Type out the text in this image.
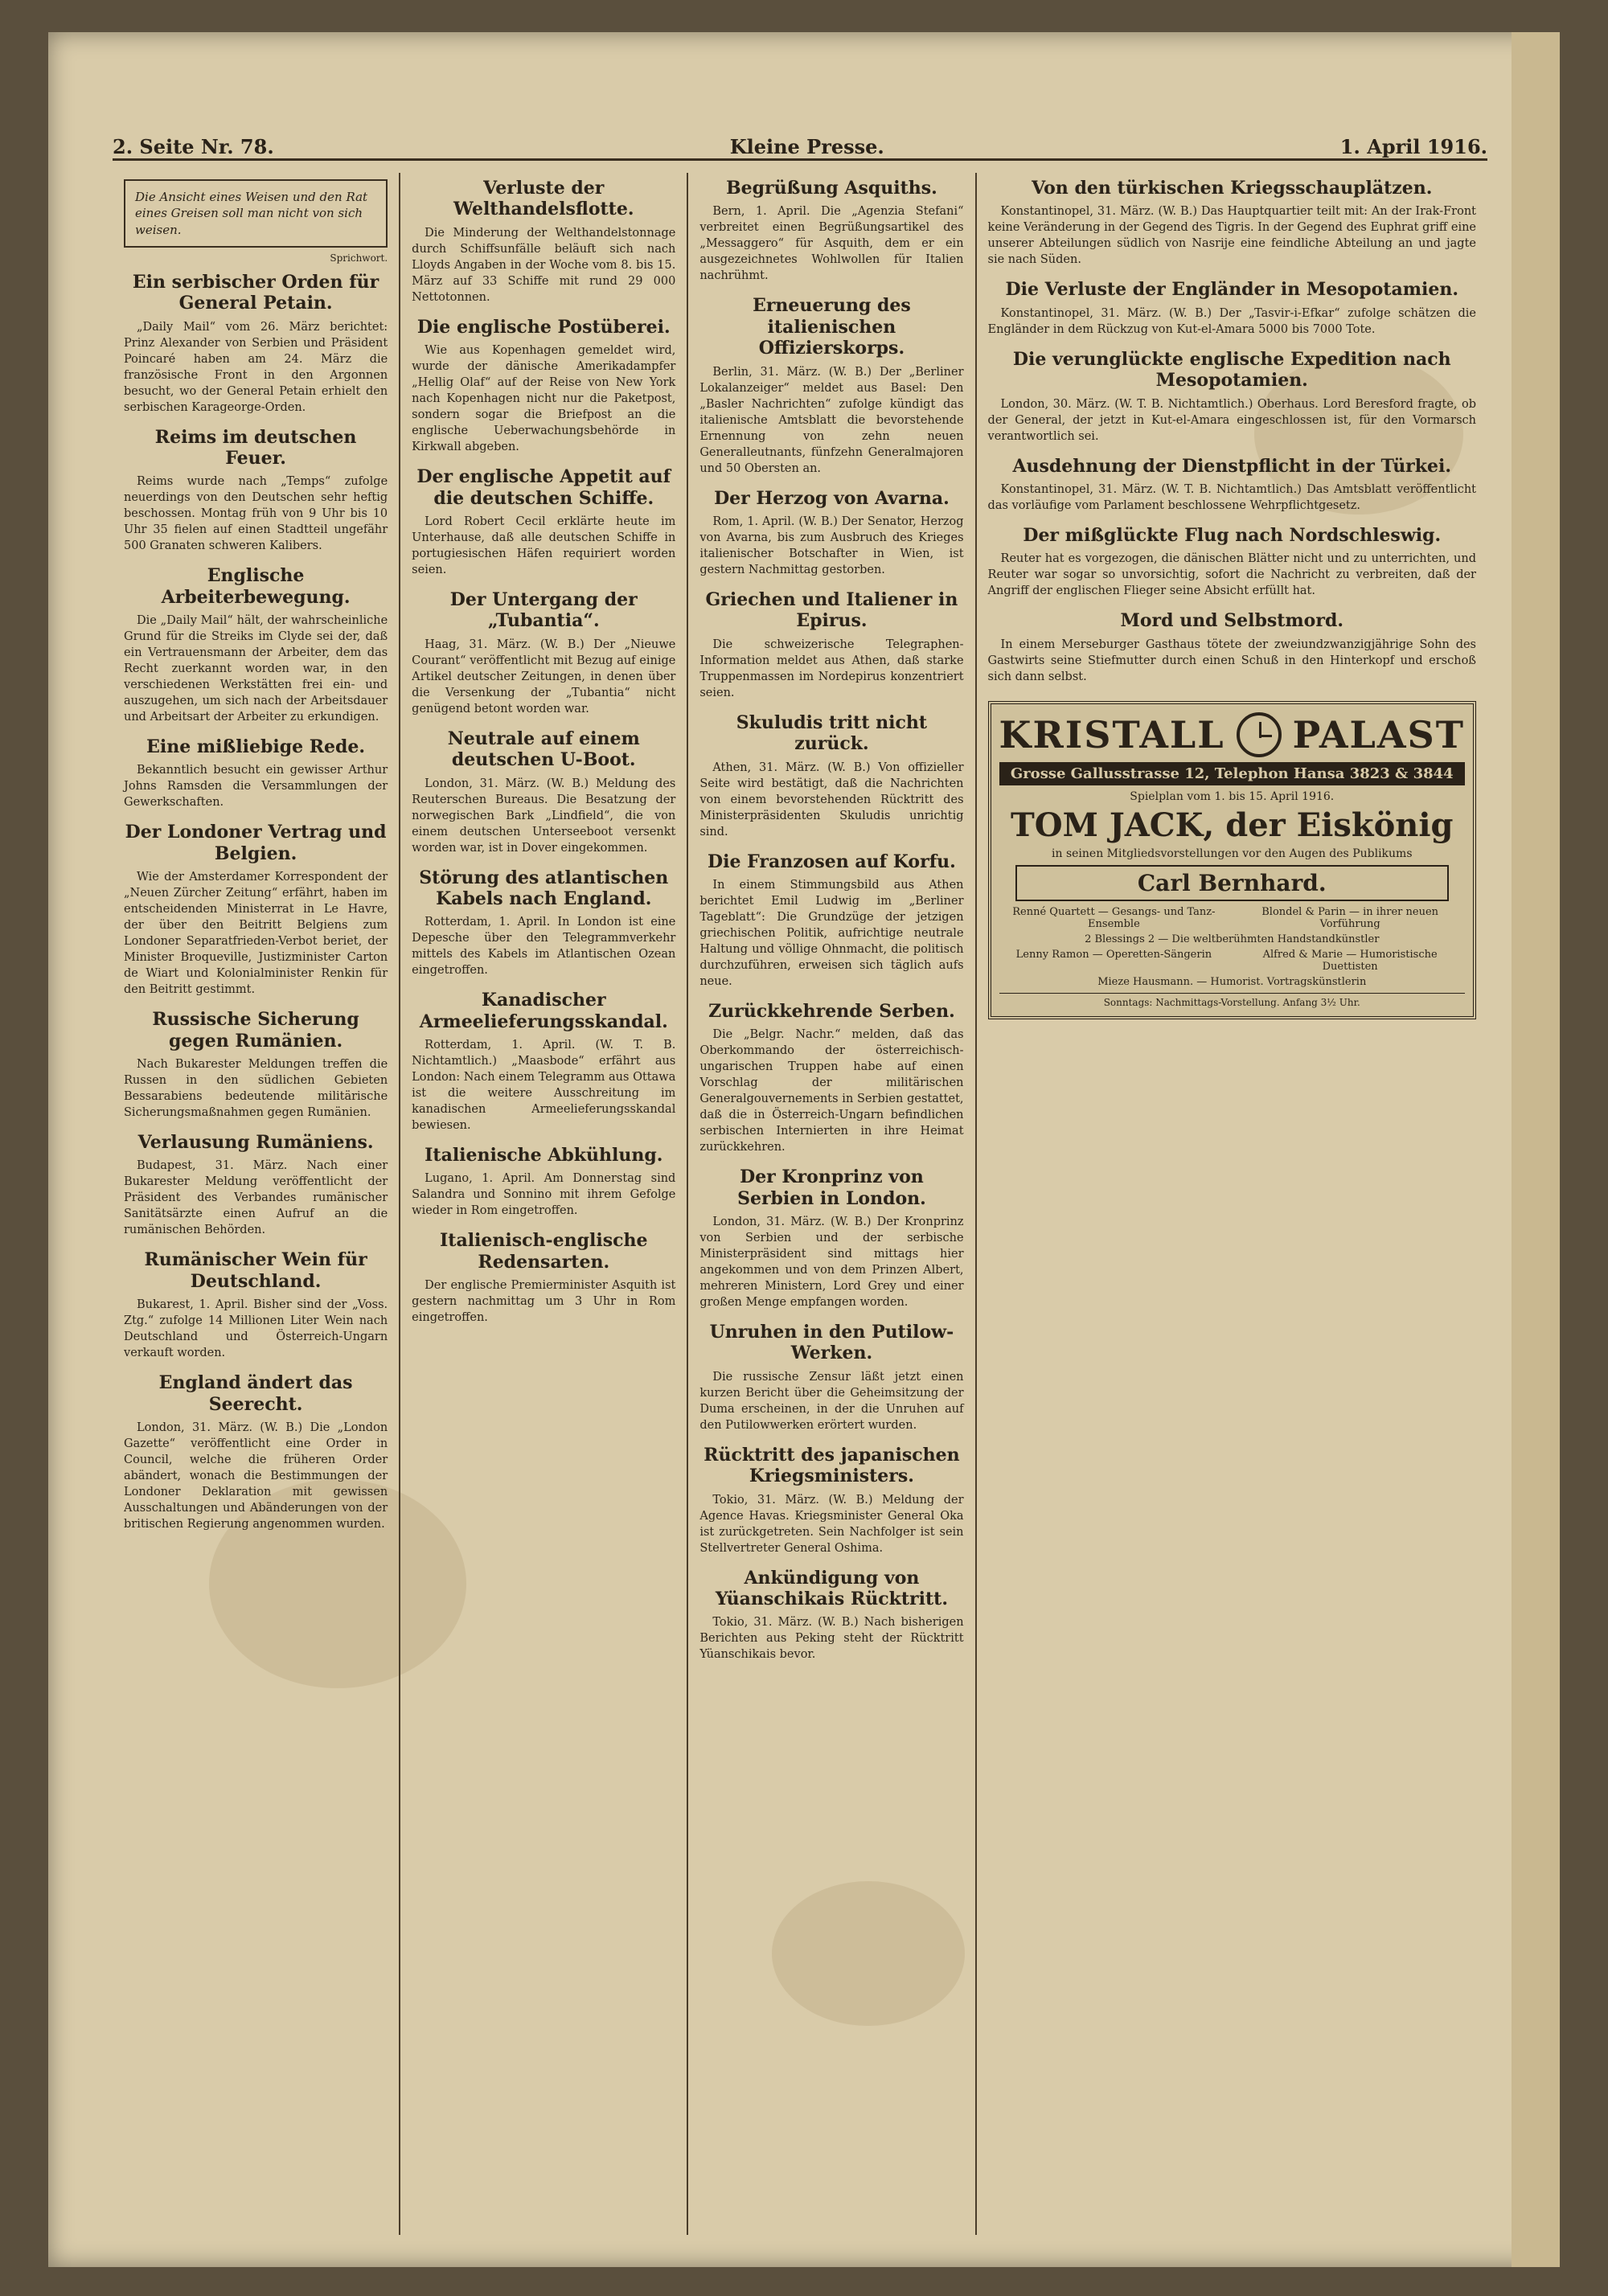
2. Seite Nr. 78.	Kleine Presse.	1. April 1916.
Die Ansicht eines Weisen und den Rat eines Greisen soll man nicht von sich weisen.
Sprichwort.
Ein serbischer Orden für General Petain.

„Daily Mail“ vom 26. März berichtet: Prinz Alexander von Serbien und Präsident Poincaré haben am 24. März die französische Front in den Argonnen besucht, wo der General Petain erhielt den serbischen Karageorge-Orden.

Reims im deutschen Feuer.

Reims wurde nach „Temps“ zufolge neuerdings von den Deutschen sehr heftig beschossen. Montag früh von 9 Uhr bis 10 Uhr 35 fielen auf einen Stadtteil ungefähr 500 Granaten schweren Kalibers.

Englische Arbeiterbewegung.

Die „Daily Mail“ hält, der wahrscheinliche Grund für die Streiks im Clyde sei der, daß ein Vertrauensmann der Arbeiter, dem das Recht zuerkannt worden war, in den verschiedenen Werkstätten frei ein- und auszugehen, um sich nach der Arbeitsdauer und Arbeitsart der Arbeiter zu erkundigen.

Eine mißliebige Rede.

Bekanntlich besucht ein gewisser Arthur Johns Ramsden die Versammlungen der Gewerkschaften.

Der Londoner Vertrag und Belgien.

Wie der Amsterdamer Korrespondent der „Neuen Zürcher Zeitung“ erfährt, haben im entscheidenden Ministerrat in Le Havre, der über den Beitritt Belgiens zum Londoner Separatfrieden-Verbot beriet, der Minister Broqueville, Justizminister Carton de Wiart und Kolonialminister Renkin für den Beitritt gestimmt.

Russische Sicherung gegen Rumänien.

Nach Bukarester Meldungen treffen die Russen in den südlichen Gebieten Bessarabiens bedeutende militärische Sicherungsmaßnahmen gegen Rumänien.

Verlausung Rumäniens.

Budapest, 31. März. Nach einer Bukarester Meldung veröffentlicht der Präsident des Verbandes rumänischer Sanitätsärzte einen Aufruf an die rumänischen Behörden.

Rumänischer Wein für Deutschland.

Bukarest, 1. April. Bisher sind der „Voss. Ztg.“ zufolge 14 Millionen Liter Wein nach Deutschland und Österreich-Ungarn verkauft worden.

England ändert das Seerecht.

London, 31. März. (W. B.) Die „London Gazette“ veröffentlicht eine Order in Council, welche die früheren Order abändert, wonach die Bestimmungen der Londoner Deklaration mit gewissen Ausschaltungen und Abänderungen von der britischen Regierung angenommen wurden.

Verluste der Welthandelsflotte.

Die Minderung der Welthandelstonnage durch Schiffsunfälle beläuft sich nach Lloyds Angaben in der Woche vom 8. bis 15. März auf 33 Schiffe mit rund 29 000 Nettotonnen.

Die englische Postüberei.

Wie aus Kopenhagen gemeldet wird, wurde der dänische Amerikadampfer „Hellig Olaf“ auf der Reise von New York nach Kopenhagen nicht nur die Paketpost, sondern sogar die Briefpost an die englische Ueberwachungsbehörde in Kirkwall abgeben.

Der englische Appetit auf die deutschen Schiffe.

Lord Robert Cecil erklärte heute im Unterhause, daß alle deutschen Schiffe in portugiesischen Häfen requiriert worden seien.

Der Untergang der „Tubantia“.

Haag, 31. März. (W. B.) Der „Nieuwe Courant“ veröffentlicht mit Bezug auf einige Artikel deutscher Zeitungen, in denen über die Versenkung der „Tubantia“ nicht genügend betont worden war.

Neutrale auf einem deutschen U-Boot.

London, 31. März. (W. B.) Meldung des Reuterschen Bureaus. Die Besatzung der norwegischen Bark „Lindfield“, die von einem deutschen Unterseeboot versenkt worden war, ist in Dover eingekommen.

Störung des atlantischen Kabels nach England.

Rotterdam, 1. April. In London ist eine Depesche über den Telegrammverkehr mittels des Kabels im Atlantischen Ozean eingetroffen.

Kanadischer Armeelieferungsskandal.

Rotterdam, 1. April. (W. T. B. Nichtamtlich.) „Maasbode“ erfährt aus London: Nach einem Telegramm aus Ottawa ist die weitere Ausschreitung im kanadischen Armeelieferungsskandal bewiesen.

Italienische Abkühlung.

Lugano, 1. April. Am Donnerstag sind Salandra und Sonnino mit ihrem Gefolge wieder in Rom eingetroffen.

Italienisch-englische Redensarten.

Der englische Premierminister Asquith ist gestern nachmittag um 3 Uhr in Rom eingetroffen.

Begrüßung Asquiths.

Bern, 1. April. Die „Agenzia Stefani“ verbreitet einen Begrüßungsartikel des „Messaggero“ für Asquith, dem er ein ausgezeichnetes Wohlwollen für Italien nachrühmt.

Erneuerung des italienischen Offizierskorps.

Berlin, 31. März. (W. B.) Der „Berliner Lokalanzeiger“ meldet aus Basel: Den „Basler Nachrichten“ zufolge kündigt das italienische Amtsblatt die bevorstehende Ernennung von zehn neuen Generalleutnants, fünfzehn Generalmajoren und 50 Obersten an.

Der Herzog von Avarna.

Rom, 1. April. (W. B.) Der Senator, Herzog von Avarna, bis zum Ausbruch des Krieges italienischer Botschafter in Wien, ist gestern Nachmittag gestorben.

Griechen und Italiener in Epirus.

Die schweizerische Telegraphen-Information meldet aus Athen, daß starke Truppenmassen im Nordepirus konzentriert seien.

Skuludis tritt nicht zurück.

Athen, 31. März. (W. B.) Von offizieller Seite wird bestätigt, daß die Nachrichten von einem bevorstehenden Rücktritt des Ministerpräsidenten Skuludis unrichtig sind.

Die Franzosen auf Korfu.

In einem Stimmungsbild aus Athen berichtet Emil Ludwig im „Berliner Tageblatt“: Die Grundzüge der jetzigen griechischen Politik, aufrichtige neutrale Haltung und völlige Ohnmacht, die politisch durchzuführen, erweisen sich täglich aufs neue.

Zurückkehrende Serben.

Die „Belgr. Nachr.“ melden, daß das Oberkommando der österreichisch-ungarischen Truppen habe auf einen Vorschlag der militärischen Generalgouvernements in Serbien gestattet, daß die in Österreich-Ungarn befindlichen serbischen Internierten in ihre Heimat zurückkehren.

Der Kronprinz von Serbien in London.

London, 31. März. (W. B.) Der Kronprinz von Serbien und der serbische Ministerpräsident sind mittags hier angekommen und von dem Prinzen Albert, mehreren Ministern, Lord Grey und einer großen Menge empfangen worden.

Unruhen in den Putilow-Werken.

Die russische Zensur läßt jetzt einen kurzen Bericht über die Geheimsitzung der Duma erscheinen, in der die Unruhen auf den Putilowwerken erörtert wurden.

Rücktritt des japanischen Kriegsministers.

Tokio, 31. März. (W. B.) Meldung der Agence Havas. Kriegsminister General Oka ist zurückgetreten. Sein Nachfolger ist sein Stellvertreter General Oshima.

Ankündigung von Yüanschikais Rücktritt.

Tokio, 31. März. (W. B.) Nach bisherigen Berichten aus Peking steht der Rücktritt Yüanschikais bevor.

Von den türkischen Kriegsschauplätzen.

Konstantinopel, 31. März. (W. B.) Das Hauptquartier teilt mit: An der Irak-Front keine Veränderung in der Gegend des Tigris. In der Gegend des Euphrat griff eine unserer Abteilungen südlich von Nasrije eine feindliche Abteilung an und jagte sie nach Süden.

Die Verluste der Engländer in Mesopotamien.

Konstantinopel, 31. März. (W. B.) Der „Tasvir-i-Efkar“ zufolge schätzen die Engländer in dem Rückzug von Kut-el-Amara 5000 bis 7000 Tote.

Die verunglückte englische Expedition nach Mesopotamien.

London, 30. März. (W. T. B. Nichtamtlich.) Oberhaus. Lord Beresford fragte, ob der General, der jetzt in Kut-el-Amara eingeschlossen ist, für den Vormarsch verantwortlich sei.

Ausdehnung der Dienstpflicht in der Türkei.

Konstantinopel, 31. März. (W. T. B. Nichtamtlich.) Das Amtsblatt veröffentlicht das vorläufige vom Parlament beschlossene Wehrpflichtgesetz.

Der mißglückte Flug nach Nordschleswig.

Reuter hat es vorgezogen, die dänischen Blätter nicht und zu unterrichten, und Reuter war sogar so unvorsichtig, sofort die Nachricht zu verbreiten, daß der Angriff der englischen Flieger seine Absicht erfüllt hat.

Mord und Selbstmord.

In einem Merseburger Gasthaus tötete der zweiundzwanzigjährige Sohn des Gastwirts seine Stiefmutter durch einen Schuß in den Hinterkopf und erschoß sich dann selbst.

KRISTALL PALAST
Grosse Gallusstrasse 12, Telephon Hansa 3823 & 3844
Spielplan vom 1. bis 15. April 1916.
TOM JACK, der Eiskönig
in seinen Mitgliedsvorstellungen vor den Augen des Publikums
Carl Bernhard.
Renné Quartett — Gesangs- und Tanz-Ensemble
Blondel & Parin — in ihrer neuen Vorführung
2 Blessings 2 — Die weltberühmten Handstandkünstler
Lenny Ramon — Operetten-Sängerin	Alfred & Marie — Humoristische Duettisten
Mieze Hausmann. — Humorist. Vortragskünstlerin
Sonntags: Nachmittags-Vorstellung. Anfang 3½ Uhr.
